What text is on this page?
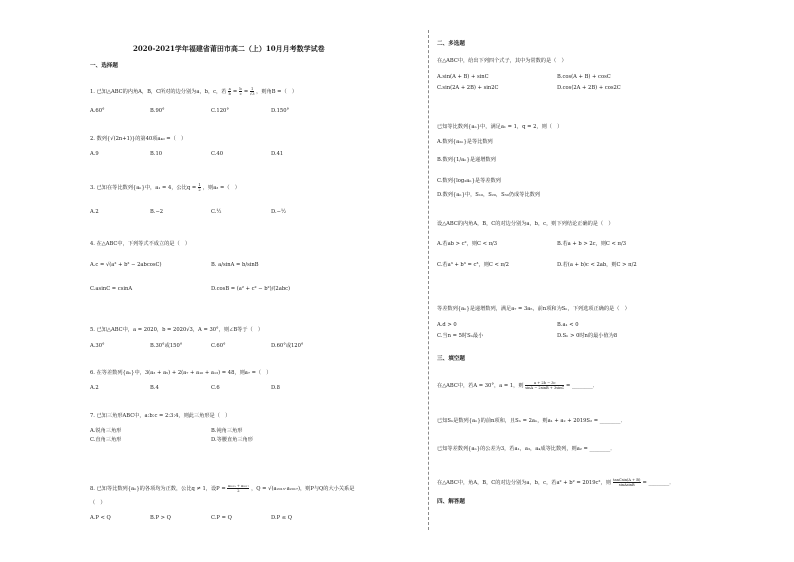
2020-2021学年福建省莆田市高二（上）10月月考数学试卷
一、选择题
1. 已知△ABC的内角A，B，C所对的边分别为a，b，c，若 $\frac{a}{b} = \frac{b}{c} = \frac{1}{√3}$ ，则角B =（　）
A.60°	B.90°	C.120°	D.150°
2. 数列{√(2n+1)}的第40项a₄₀ =（　）
A.9	B.10	C.40	D.41
3. 已知在等比数列{aₙ}中，a₁ = 4，公比$q = \frac{1}{2}$ ，则a₃ =（　）
A.2	B.−2	C.½	D.−½
4. 在△ABC中，下列等式不成立的是（　）
A.c = √(a² + b² − 2abcosC)	B. a/sinA = b/sinB
C.asinC = csinA	D.cosB = (a² + c² − b²)/(2abc)
5. 已知△ABC中，a = 2020，b = 2020√3，A = 30°，则∠B等于（　）
A.30°	B.30°或150°	C.60°	D.60°或120°
6. 在等差数列{aₙ}中，3(a₃ + a₅) + 2(a₇ + a₁₀ + a₁₃) = 48，则a₇ =（　）
A.2	B.4	C.6	D.8
7. 已知三角形ABC中，a:b:c = 2:3:4，则此三角形是（　）
A.锐角三角形	B.钝角三角形
C.直角三角形	D.等腰直角三角形
8. 已知等比数列{aₙ}的各项均为正数，公比q ≠ 1，设$P = \frac{\text{a₂₀₁₅ + a₂₀₁₇}}{2}$ ，Q = √(a₂₀₁₅·a₂₀₁₇)，则P与Q的大小关系是
（　）
A.P < Q	B.P > Q	C.P = Q	D.P ≤ Q
二、多选题
在△ABC中，给出下列四个式子，其中为常数的是（　）
A.sin(A + B) + sinC	B.cos(A + B) + cosC
C.sin(2A + 2B) + sin2C	D.cos(2A + 2B) + cos2C
已知等比数列{aₙ}中，满足a₁ = 1，q = 2，则（　）
A.数列{a₂ₙ}是等比数列
B.数列{1/aₙ}是递增数列
C.数列{log₂aₙ}是等差数列
D.数列{aₙ}中，S₁₀，S₂₀，S₃₀仍成等比数列
设△ABC的内角A，B，C的对边分别为a，b，c，则下列结论正确的是（　）
A.若ab > c²，则C < π/3	B.若a + b > 2c，则C < π/3
C.若a³ + b³ = c³，则C < π/2	D.若(a + b)c < 2ab，则C > π/2
等差数列{aₙ}是递增数列，满足a₇ = 3a₅，前n项和为Sₙ，下列选项正确的是（　）
A.d > 0	B.a₁ < 0
C.当n = 5时Sₙ最小	D.Sₙ > 0时n的最小值为8
三、填空题
在△ABC中，若A = 30°，a = 1，则 $\frac{a + 2b - 3c}{\sin A - 2\sin B + 3\sin C}$ = ________．
已知Sₙ是数列{aₙ}的前n项和，且Sₙ = 2aₙ，则a₁ + a₂ + 2019S₂ = ________．
已知等差数列{aₙ}的公差为3，若a₁，a₃，a₄成等比数列，则a₂ = ________．
在△ABC中，角A，B，C的对边分别为a，b，c，若a² + b² = 2019c²，则 $\frac{\text{tanCsin(A + B)}}{\text{sinAsinB}}$ = ________．
四、解答题
